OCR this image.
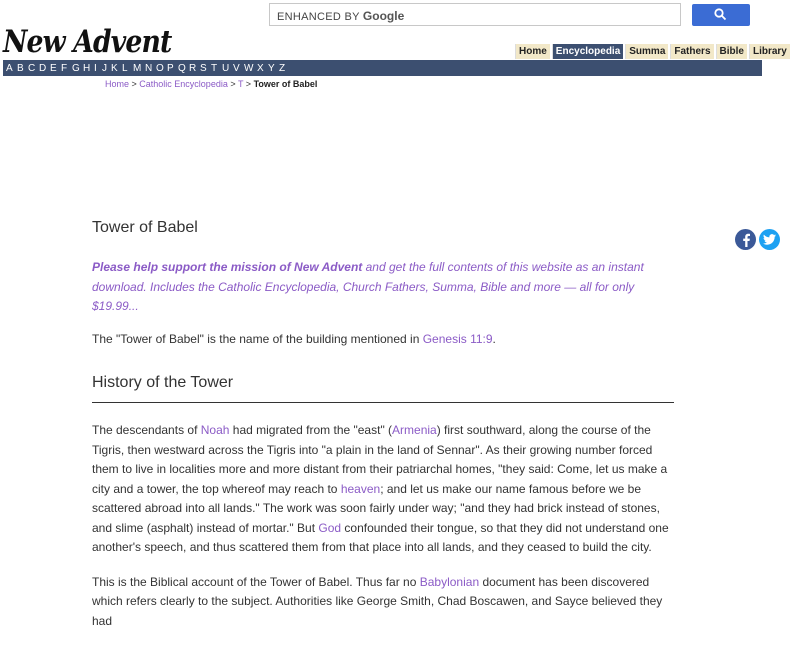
ENHANCED BY Google
New Advent	Home Encyclopedia Summa Fathers Bible Library
A B C D E F G H I J K L M N O P Q R S T U V W X Y Z
Home > Catholic Encyclopedia > T > Tower of Babel
Tower of Babel

Please help support the mission of New Advent and get the full contents of this website as an instant download. Includes the Catholic Encyclopedia, Church Fathers, Summa, Bible and more — all for only $19.99...

The "Tower of Babel" is the name of the building mentioned in Genesis 11:9.

History of the Tower

The descendants of Noah had migrated from the "east" (Armenia) first southward, along the course of the Tigris, then westward across the Tigris into "a plain in the land of Sennar". As their growing number forced them to live in localities more and more distant from their patriarchal homes, "they said: Come, let us make a city and a tower, the top whereof may reach to heaven; and let us make our name famous before we be scattered abroad into all lands." The work was soon fairly under way; "and they had brick instead of stones, and slime (asphalt) instead of mortar." But God confounded their tongue, so that they did not understand one another's speech, and thus scattered them from that place into all lands, and they ceased to build the city.

This is the Biblical account of the Tower of Babel. Thus far no Babylonian document has been discovered which refers clearly to the subject. Authorities like George Smith, Chad Boscawen, and Sayce believed they had
